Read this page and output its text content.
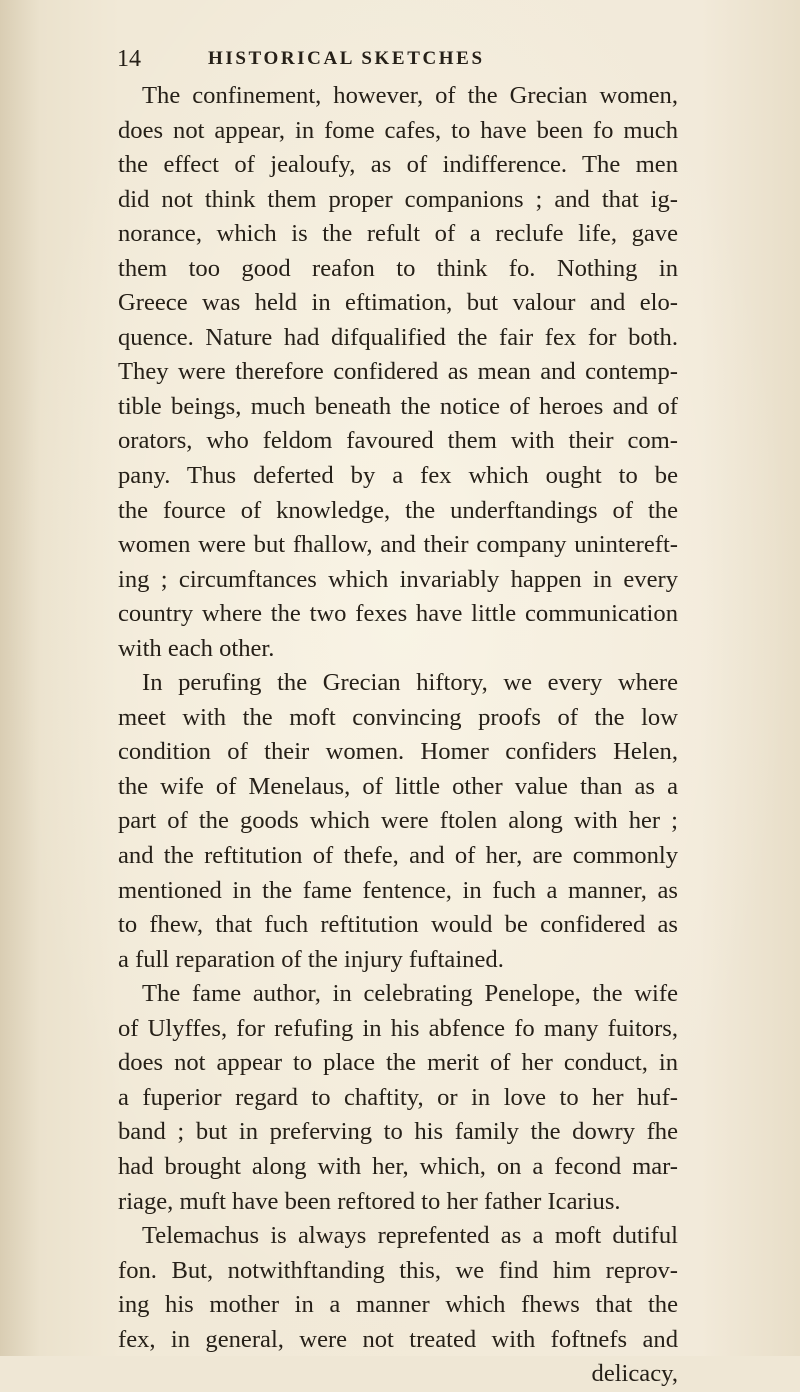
14	HISTORICAL SKETCHES
The confinement, however, of the Grecian women,
does not appear, in fome cafes, to have been fo much
the effect of jealoufy, as of indifference. The men
did not think them proper companions ; and that ig-
norance, which is the refult of a reclufe life, gave
them too good reafon to think fo. Nothing in
Greece was held in eftimation, but valour and elo-
quence. Nature had difqualified the fair fex for both.
They were therefore confidered as mean and contemp-
tible beings, much beneath the notice of heroes and of
orators, who feldom favoured them with their com-
pany. Thus deferted by a fex which ought to be
the fource of knowledge, the underftandings of the
women were but fhallow, and their company unintereft-
ing ; circumftances which invariably happen in every
country where the two fexes have little communication
with each other.
In perufing the Grecian hiftory, we every where
meet with the moft convincing proofs of the low
condition of their women. Homer confiders Helen,
the wife of Menelaus, of little other value than as a
part of the goods which were ftolen along with her ;
and the reftitution of thefe, and of her, are commonly
mentioned in the fame fentence, in fuch a manner, as
to fhew, that fuch reftitution would be confidered as
a full reparation of the injury fuftained.
The fame author, in celebrating Penelope, the wife
of Ulyffes, for refufing in his abfence fo many fuitors,
does not appear to place the merit of her conduct, in
a fuperior regard to chaftity, or in love to her huf-
band ; but in preferving to his family the dowry fhe
had brought along with her, which, on a fecond mar-
riage, muft have been reftored to her father Icarius.
Telemachus is always reprefented as a moft dutiful
fon. But, notwithftanding this, we find him reprov-
ing his mother in a manner which fhews that the
fex, in general, were not treated with foftnefs and
delicacy,
